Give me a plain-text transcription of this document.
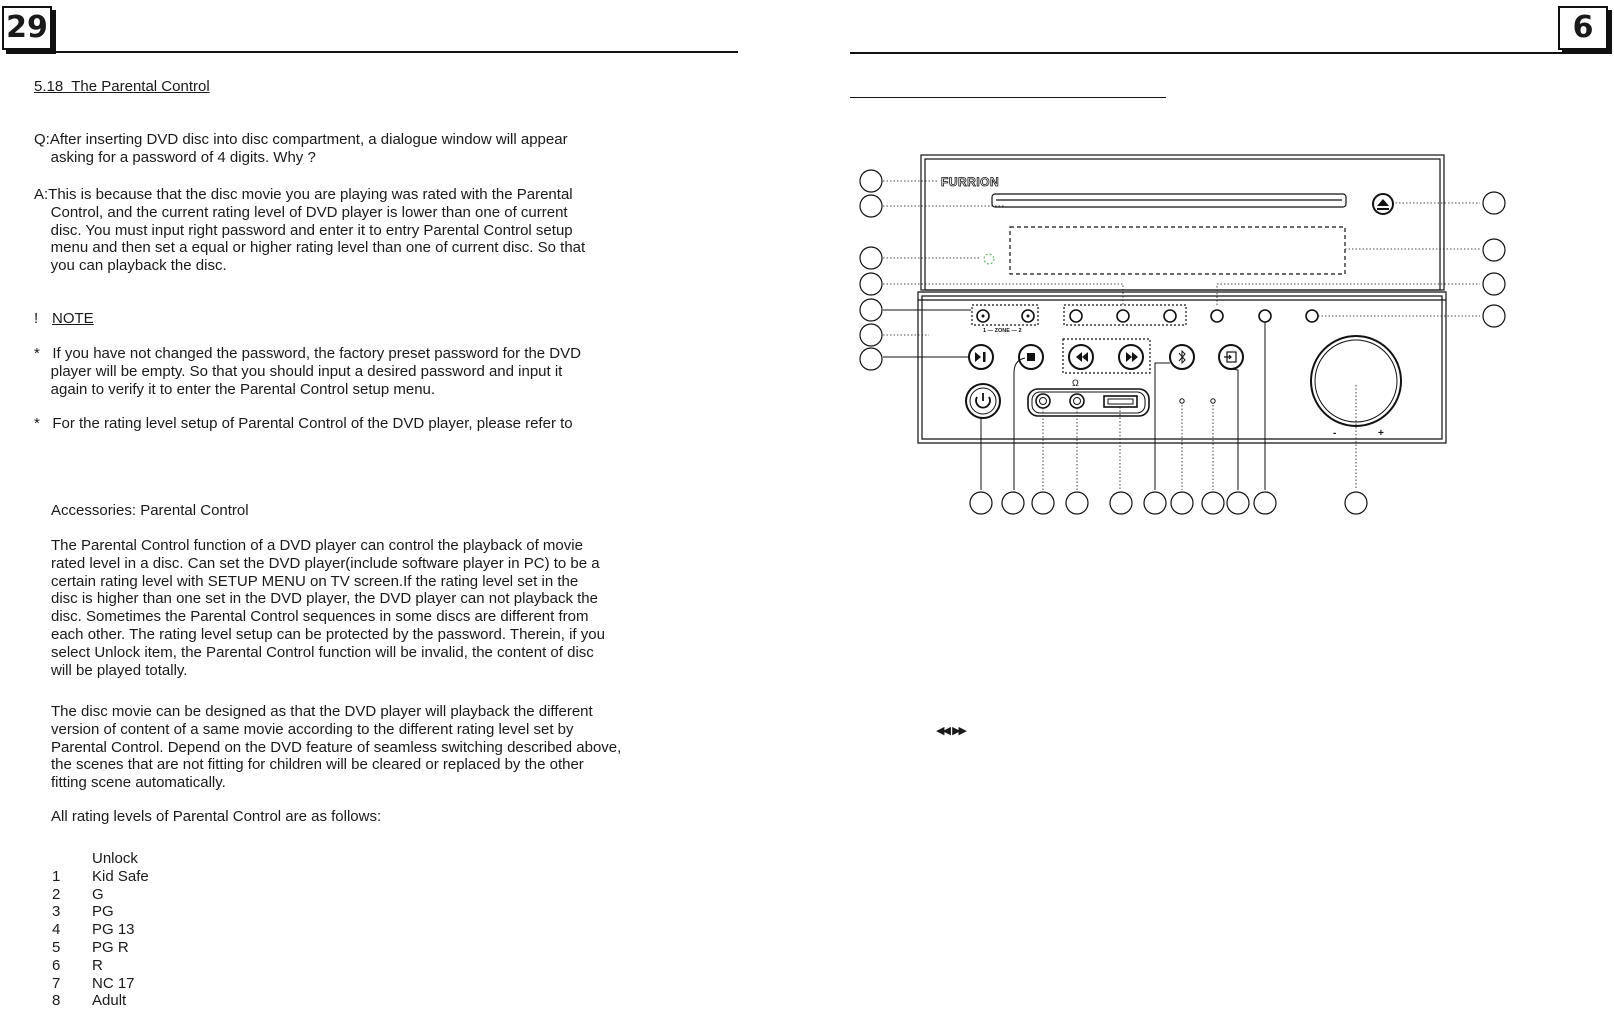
29
5.18  The Parental Control
Q:After inserting DVD disc into disc compartment, a dialogue window will appear
asking for a password of 4 digits. Why ?
A:This is because that the disc movie you are playing was rated with the Parental
Control, and the current rating level of DVD player is lower than one of current
disc. You must input right password and enter it to entry Parental Control setup
menu and then set a equal or higher rating level than one of current disc. So that
you can playback the disc.
! NOTE
*   If you have not changed the password, the factory preset password for the DVD
player will be empty. So that you should input a desired password and input it
again to verify it to enter the Parental Control setup menu.
*   For the rating level setup of Parental Control of the DVD player, please refer to
Accessories: Parental Control
The Parental Control function of a DVD player can control the playback of movie
rated level in a disc. Can set the DVD player(include software player in PC) to be a
certain rating level with SETUP MENU on TV screen.If the rating level set in the
disc is higher than one set in the DVD player, the DVD player can not playback the
disc. Sometimes the Parental Control sequences in some discs are different from
each other. The rating level setup can be protected by the password. Therein, if you
select Unlock item, the Parental Control function will be invalid, the content of disc
will be played totally.
The disc movie can be designed as that the DVD player will playback the different
version of content of a same movie according to the different rating level set by
Parental Control. Depend on the DVD feature of seamless switching described above,
the scenes that are not fitting for children will be cleared or replaced by the other
fitting scene automatically.
All rating levels of Parental Control are as follows:
Unlock
1 Kid Safe
2 G
3 PG
4 PG 13
5 PG R
6 R
7 NC 17
8 Adult
6
FURRION
1 — ZONE — 2
Ω
-	+
◀◀   ▶▶
